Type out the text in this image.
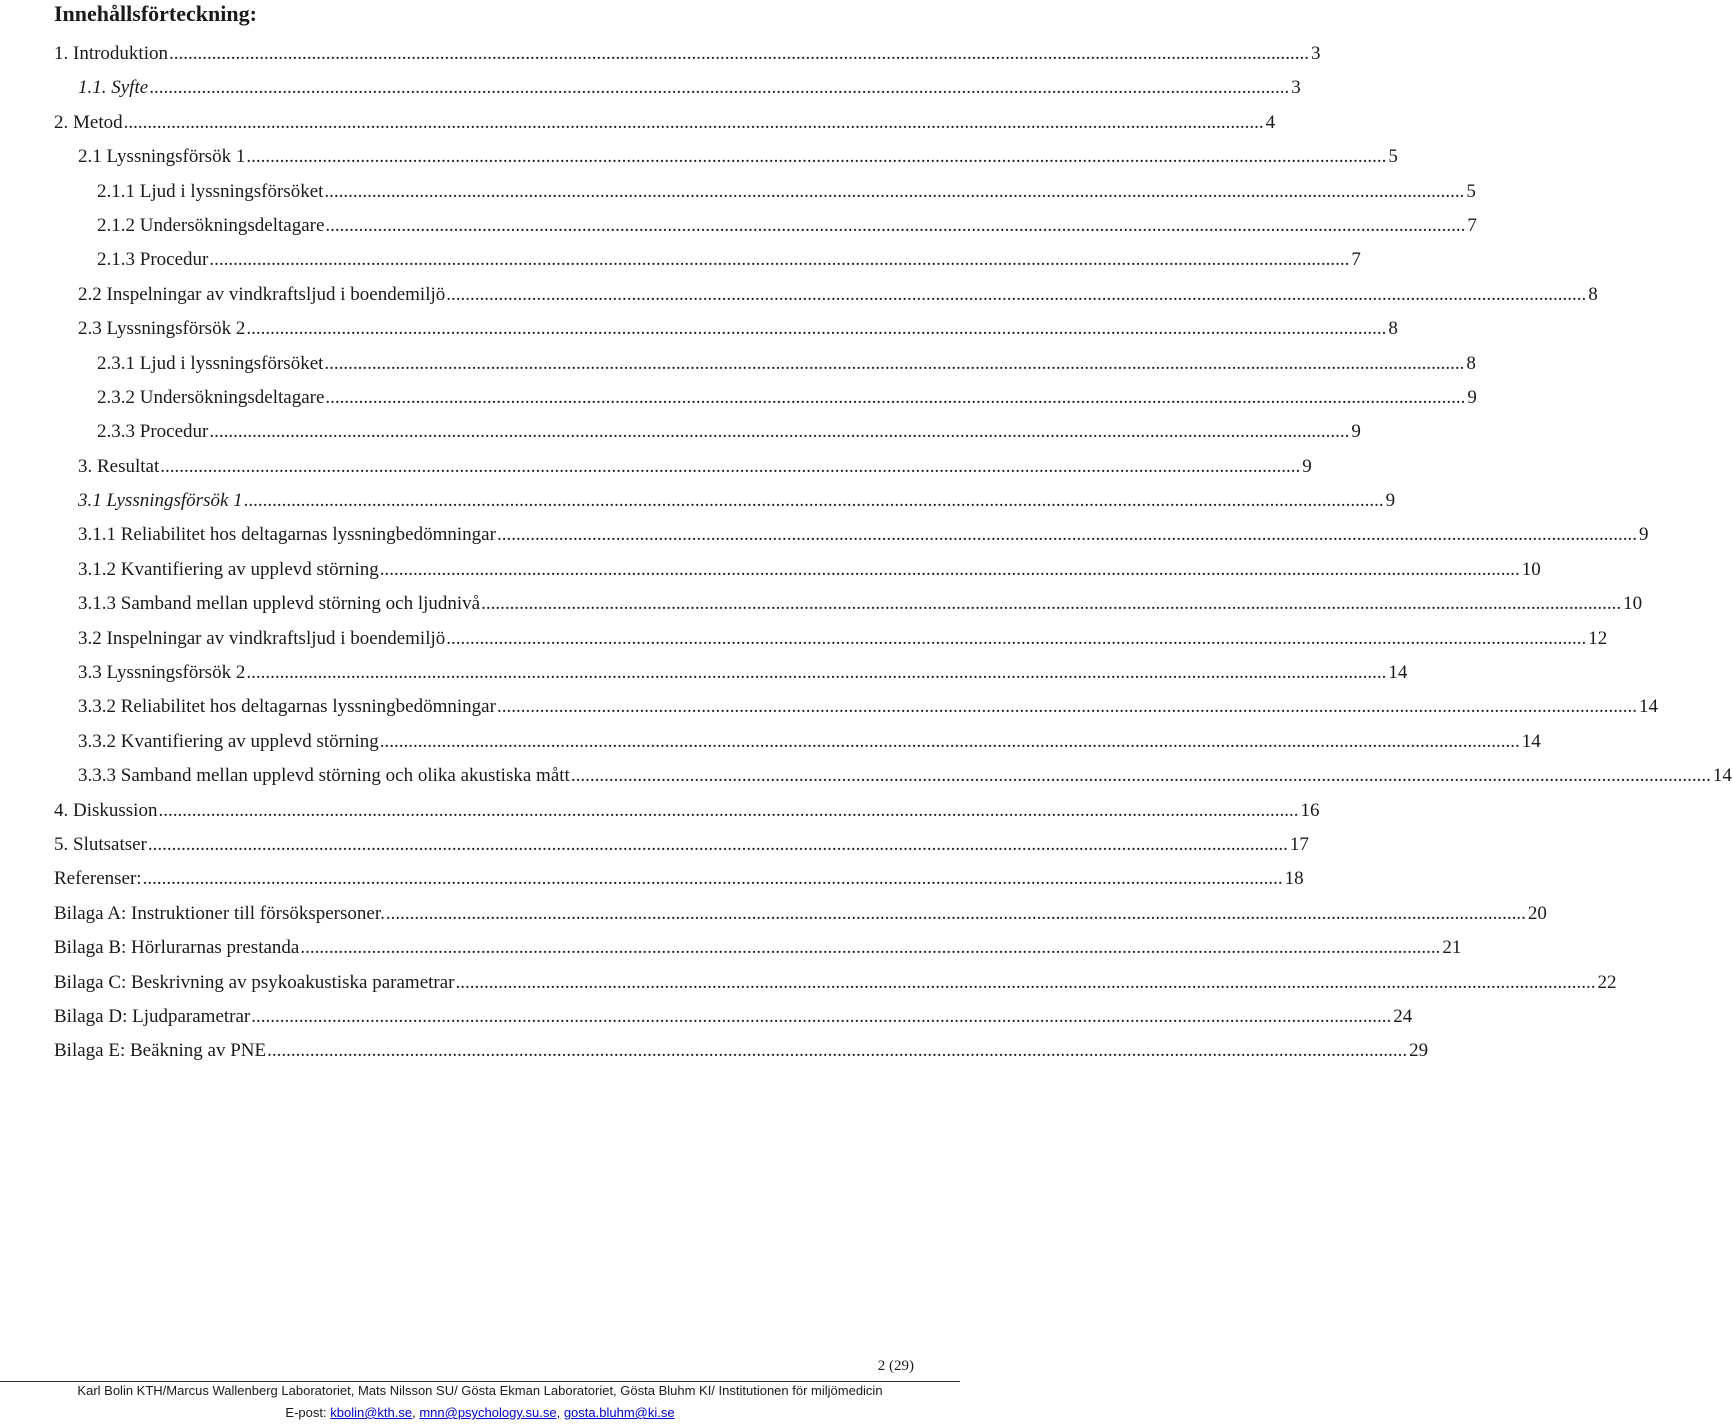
Innehållsförteckning:
1. Introduktion .....	3
1.1. Syfte .....	3
2. Metod .....	4
2.1 Lyssningsförsök 1 .....	5
2.1.1 Ljud i lyssningsförsöket .....	5
2.1.2 Undersökningsdeltagare .....	7
2.1.3 Procedur .....	7
2.2 Inspelningar av vindkraftsljud i boendemiljö .....	8
2.3 Lyssningsförsök 2 .....	8
2.3.1 Ljud i lyssningsförsöket .....	8
2.3.2 Undersökningsdeltagare .....	9
2.3.3 Procedur .....	9
3. Resultat .....	9
3.1 Lyssningsförsök 1 .....	9
3.1.1 Reliabilitet hos deltagarnas lyssningbedömningar .....	9
3.1.2 Kvantifiering av upplevd störning .....	10
3.1.3 Samband mellan upplevd störning och ljudnivå .....	10
3.2 Inspelningar av vindkraftsljud i boendemiljö .....	12
3.3 Lyssningsförsök 2 .....	14
3.3.2 Reliabilitet hos deltagarnas lyssningbedömningar .....	14
3.3.2 Kvantifiering av upplevd störning .....	14
3.3.3 Samband mellan upplevd störning och olika akustiska mått .....	14
4. Diskussion .....	16
5. Slutsatser .....	17
Referenser: .....	18
Bilaga A: Instruktioner till försökspersoner. .....	20
Bilaga B: Hörlurarnas prestanda .....	21
Bilaga C: Beskrivning av psykoakustiska parametrar .....	22
Bilaga D: Ljudparametrar .....	24
Bilaga E: Beäkning av PNE .....	29
2 (29)
Karl Bolin KTH/Marcus Wallenberg Laboratoriet, Mats Nilsson SU/ Gösta Ekman Laboratoriet, Gösta Bluhm KI/ Institutionen för miljömedicin
E-post: kbolin@kth.se, mnn@psychology.su.se, gosta.bluhm@ki.se
